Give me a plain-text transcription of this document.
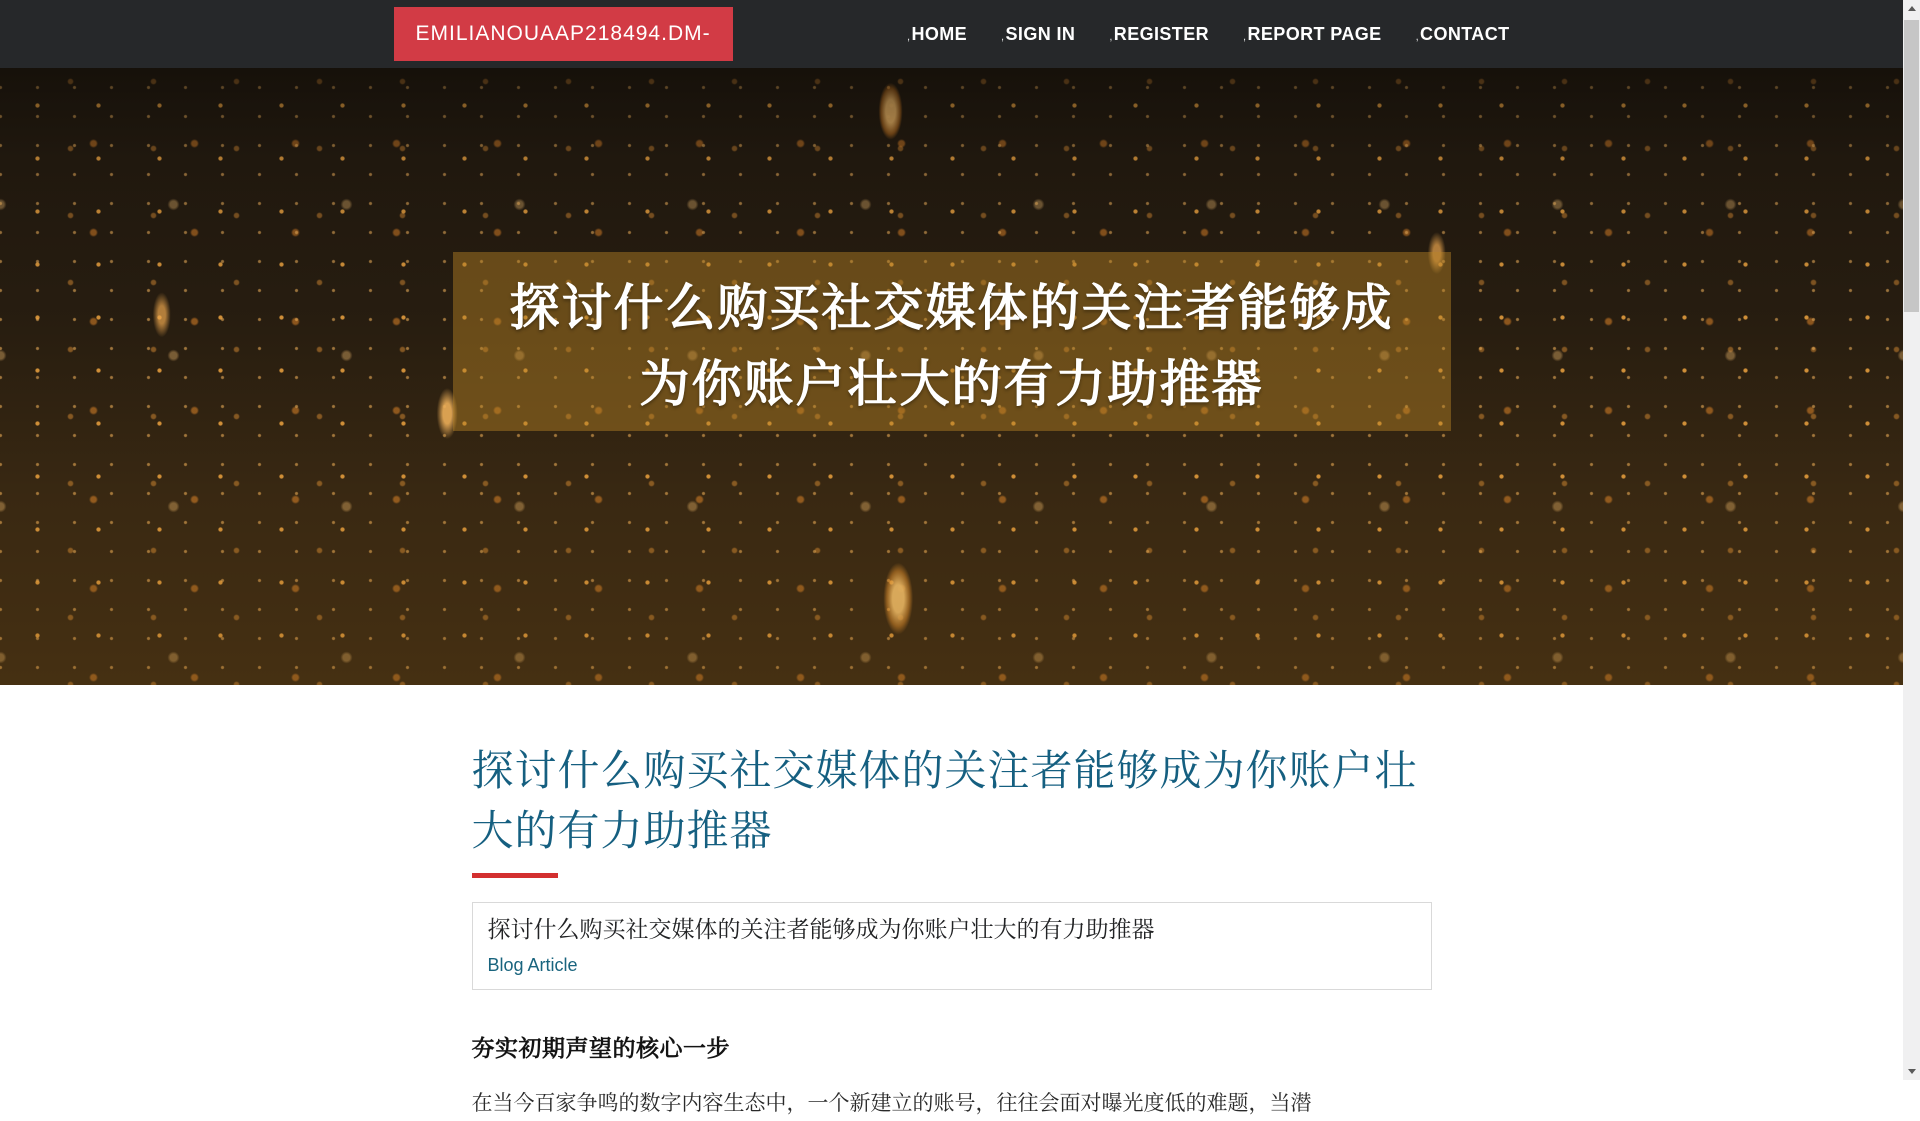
EMILIANOUAAP218494.DM-	,HOME	,SIGN IN	,REGISTER	,REPORT PAGE	,CONTACT
探讨什么购买社交媒体的关注者能够成
为你账户壮大的有力助推器
探讨什么购买社交媒体的关注者能够成为你账户壮
大的有力助推器
探讨什么购买社交媒体的关注者能够成为你账户壮大的有力助推器
Blog Article
夯实初期声望的核心一步

在当今百家争鸣的数字内容生态中，一个新建立的账号，往往会面对曝光度低的难题，当潜
